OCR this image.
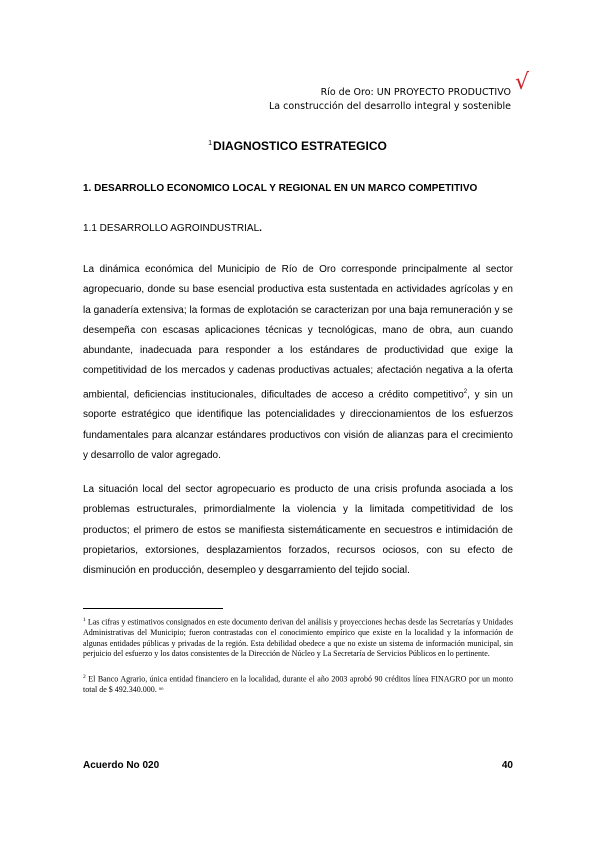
Río de Oro: UN PROYECTO PRODUCTIVO √
La construcción del desarrollo integral y sostenible
$^1$DIAGNOSTICO ESTRATEGICO
1. DESARROLLO ECONOMICO LOCAL Y REGIONAL EN UN MARCO COMPETITIVO
1.1 DESARROLLO AGROINDUSTRIAL.

La dinámica económica del Municipio de Río de Oro corresponde principalmente al sector agropecuario, donde su base esencial productiva esta sustentada en actividades agrícolas y en la ganadería extensiva; la formas de explotación se caracterizan por una baja remuneración y se desempeña con escasas aplicaciones técnicas y tecnológicas, mano de obra, aun cuando abundante, inadecuada para responder a los estándares de productividad que exige la competitividad de los mercados y cadenas productivas actuales; afectación negativa a la oferta ambiental, deficiencias institucionales, dificultades de acceso a crédito competitivo$^2$, y sin un soporte estratégico que identifique las potencialidades y direccionamientos de los esfuerzos fundamentales para alcanzar estándares productivos con visión de alianzas para el crecimiento y desarrollo de valor agregado.

La situación local del sector agropecuario es producto de una crisis profunda asociada a los problemas estructurales, primordialmente la violencia y la limitada competitividad de los productos; el primero de estos se manifiesta sistemáticamente en secuestros e intimidación de propietarios, extorsiones, desplazamientos forzados, recursos ociosos, con su efecto de disminución en producción, desempleo y desgarramiento del tejido social.

$^1$ Las cifras y estimativos consignados en este documento derivan del análisis y proyecciones hechas desde las Secretarías y Unidades Administrativas del Municipio; fueron contrastadas con el conocimiento empírico que existe en la localidad y la información de algunas entidades públicas y privadas de la región. Esta debilidad obedece a que no existe un sistema de información municipal, sin perjuicio del esfuerzo y los datos consistentes de la Dirección de Núcleo y La Secretaría de Servicios Públicos en lo pertinente.

$^2$ El Banco Agrario, única entidad financiero en la localidad, durante el año 2003 aprobó 90 créditos línea FINAGRO por un monto total de $ 492.340.000. ᵒᵒ

Acuerdo No 020	40
